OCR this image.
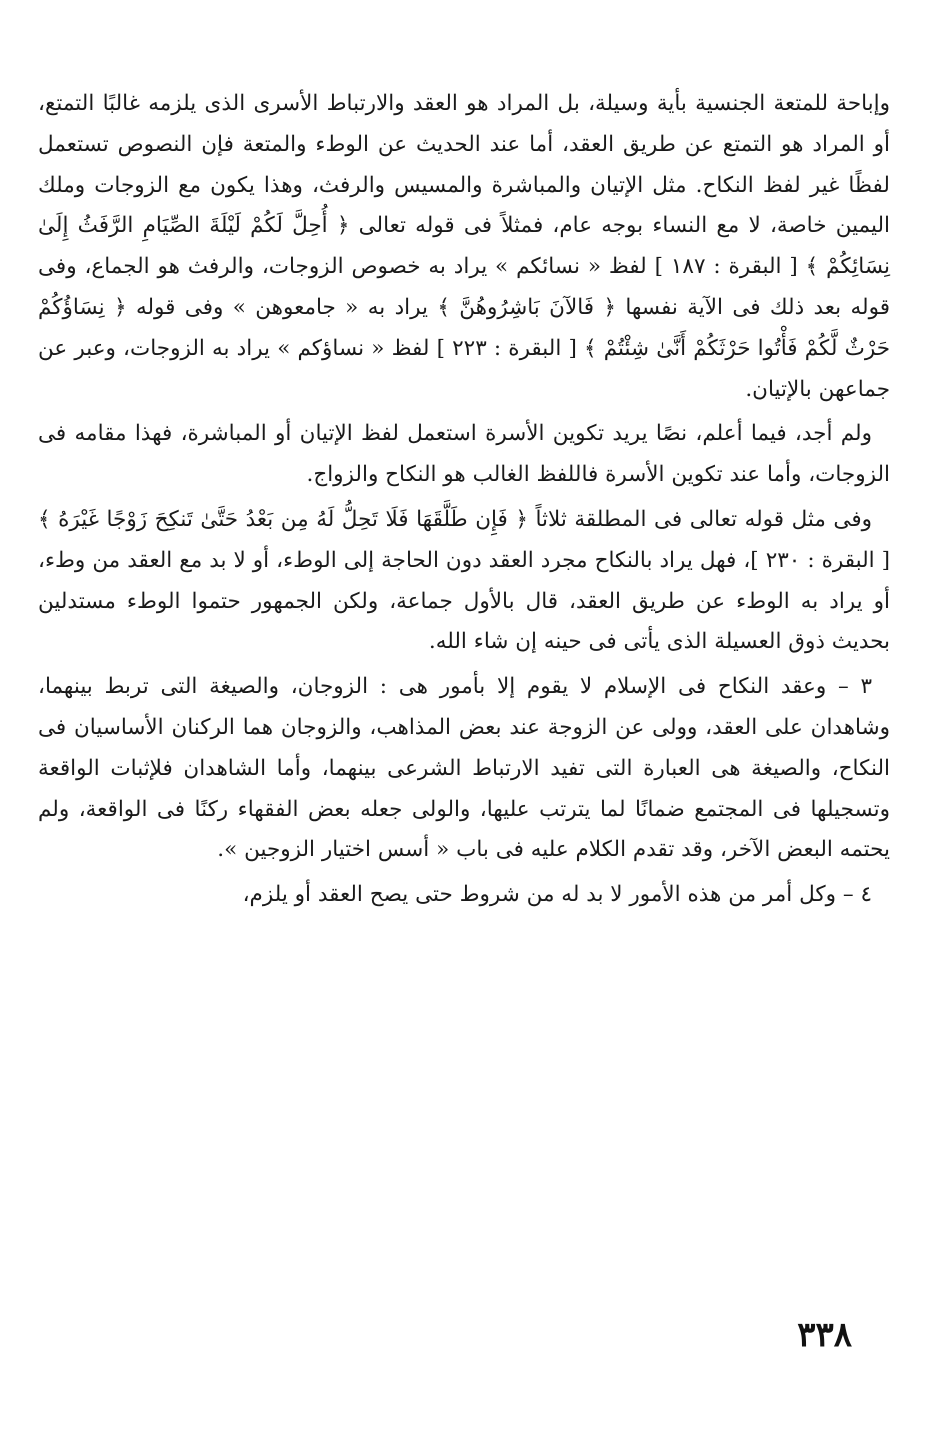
وإباحة للمتعة الجنسية بأية وسيلة، بل المراد هو العقد والارتباط الأسرى الذى يلزمه غالبًا التمتع، أو المراد هو التمتع عن طريق العقد، أما عند الحديث عن الوطء والمتعة فإن النصوص تستعمل لفظًا غير لفظ النكاح. مثل الإتيان والمباشرة والمسيس والرفث، وهذا يكون مع الزوجات وملك اليمين خاصة، لا مع النساء بوجه عام، فمثلاً فى قوله تعالى ﴿ أُحِلَّ لَكُمْ لَيْلَةَ الصِّيَامِ الرَّفَثُ إِلَىٰ نِسَائِكُمْ ﴾ [ البقرة : ١٨٧ ] لفظ « نسائكم » يراد به خصوص الزوجات، والرفث هو الجماع، وفى قوله بعد ذلك فى الآية نفسها ﴿ فَالآنَ بَاشِرُوهُنَّ ﴾ يراد به « جامعوهن » وفى قوله ﴿ نِسَاؤُكُمْ حَرْثٌ لَّكُمْ فَأْتُوا حَرْثَكُمْ أَنَّىٰ شِئْتُمْ ﴾ [ البقرة : ٢٢٣ ] لفظ « نساؤكم » يراد به الزوجات، وعبر عن جماعهن بالإتيان.

ولم أجد، فيما أعلم، نصًا يريد تكوين الأسرة استعمل لفظ الإتيان أو المباشرة، فهذا مقامه فى الزوجات، وأما عند تكوين الأسرة فاللفظ الغالب هو النكاح والزواج.

وفى مثل قوله تعالى فى المطلقة ثلاثاً ﴿ فَإِن طَلَّقَهَا فَلَا تَحِلُّ لَهُ مِن بَعْدُ حَتَّىٰ تَنكِحَ زَوْجًا غَيْرَهُ ﴾ [ البقرة : ٢٣٠ ]، فهل يراد بالنكاح مجرد العقد دون الحاجة إلى الوطء، أو لا بد مع العقد من وطء، أو يراد به الوطء عن طريق العقد، قال بالأول جماعة، ولكن الجمهور حتموا الوطء مستدلين بحديث ذوق العسيلة الذى يأتى فى حينه إن شاء الله.

٣ – وعقد النكاح فى الإسلام لا يقوم إلا بأمور هى : الزوجان، والصيغة التى تربط بينهما، وشاهدان على العقد، وولى عن الزوجة عند بعض المذاهب، والزوجان هما الركنان الأساسيان فى النكاح، والصيغة هى العبارة التى تفيد الارتباط الشرعى بينهما، وأما الشاهدان فلإثبات الواقعة وتسجيلها فى المجتمع ضمانًا لما يترتب عليها، والولى جعله بعض الفقهاء ركنًا فى الواقعة، ولم يحتمه البعض الآخر، وقد تقدم الكلام عليه فى باب « أسس اختيار الزوجين ».

٤ – وكل أمر من هذه الأمور لا بد له من شروط حتى يصح العقد أو يلزم،

٣٣٨
